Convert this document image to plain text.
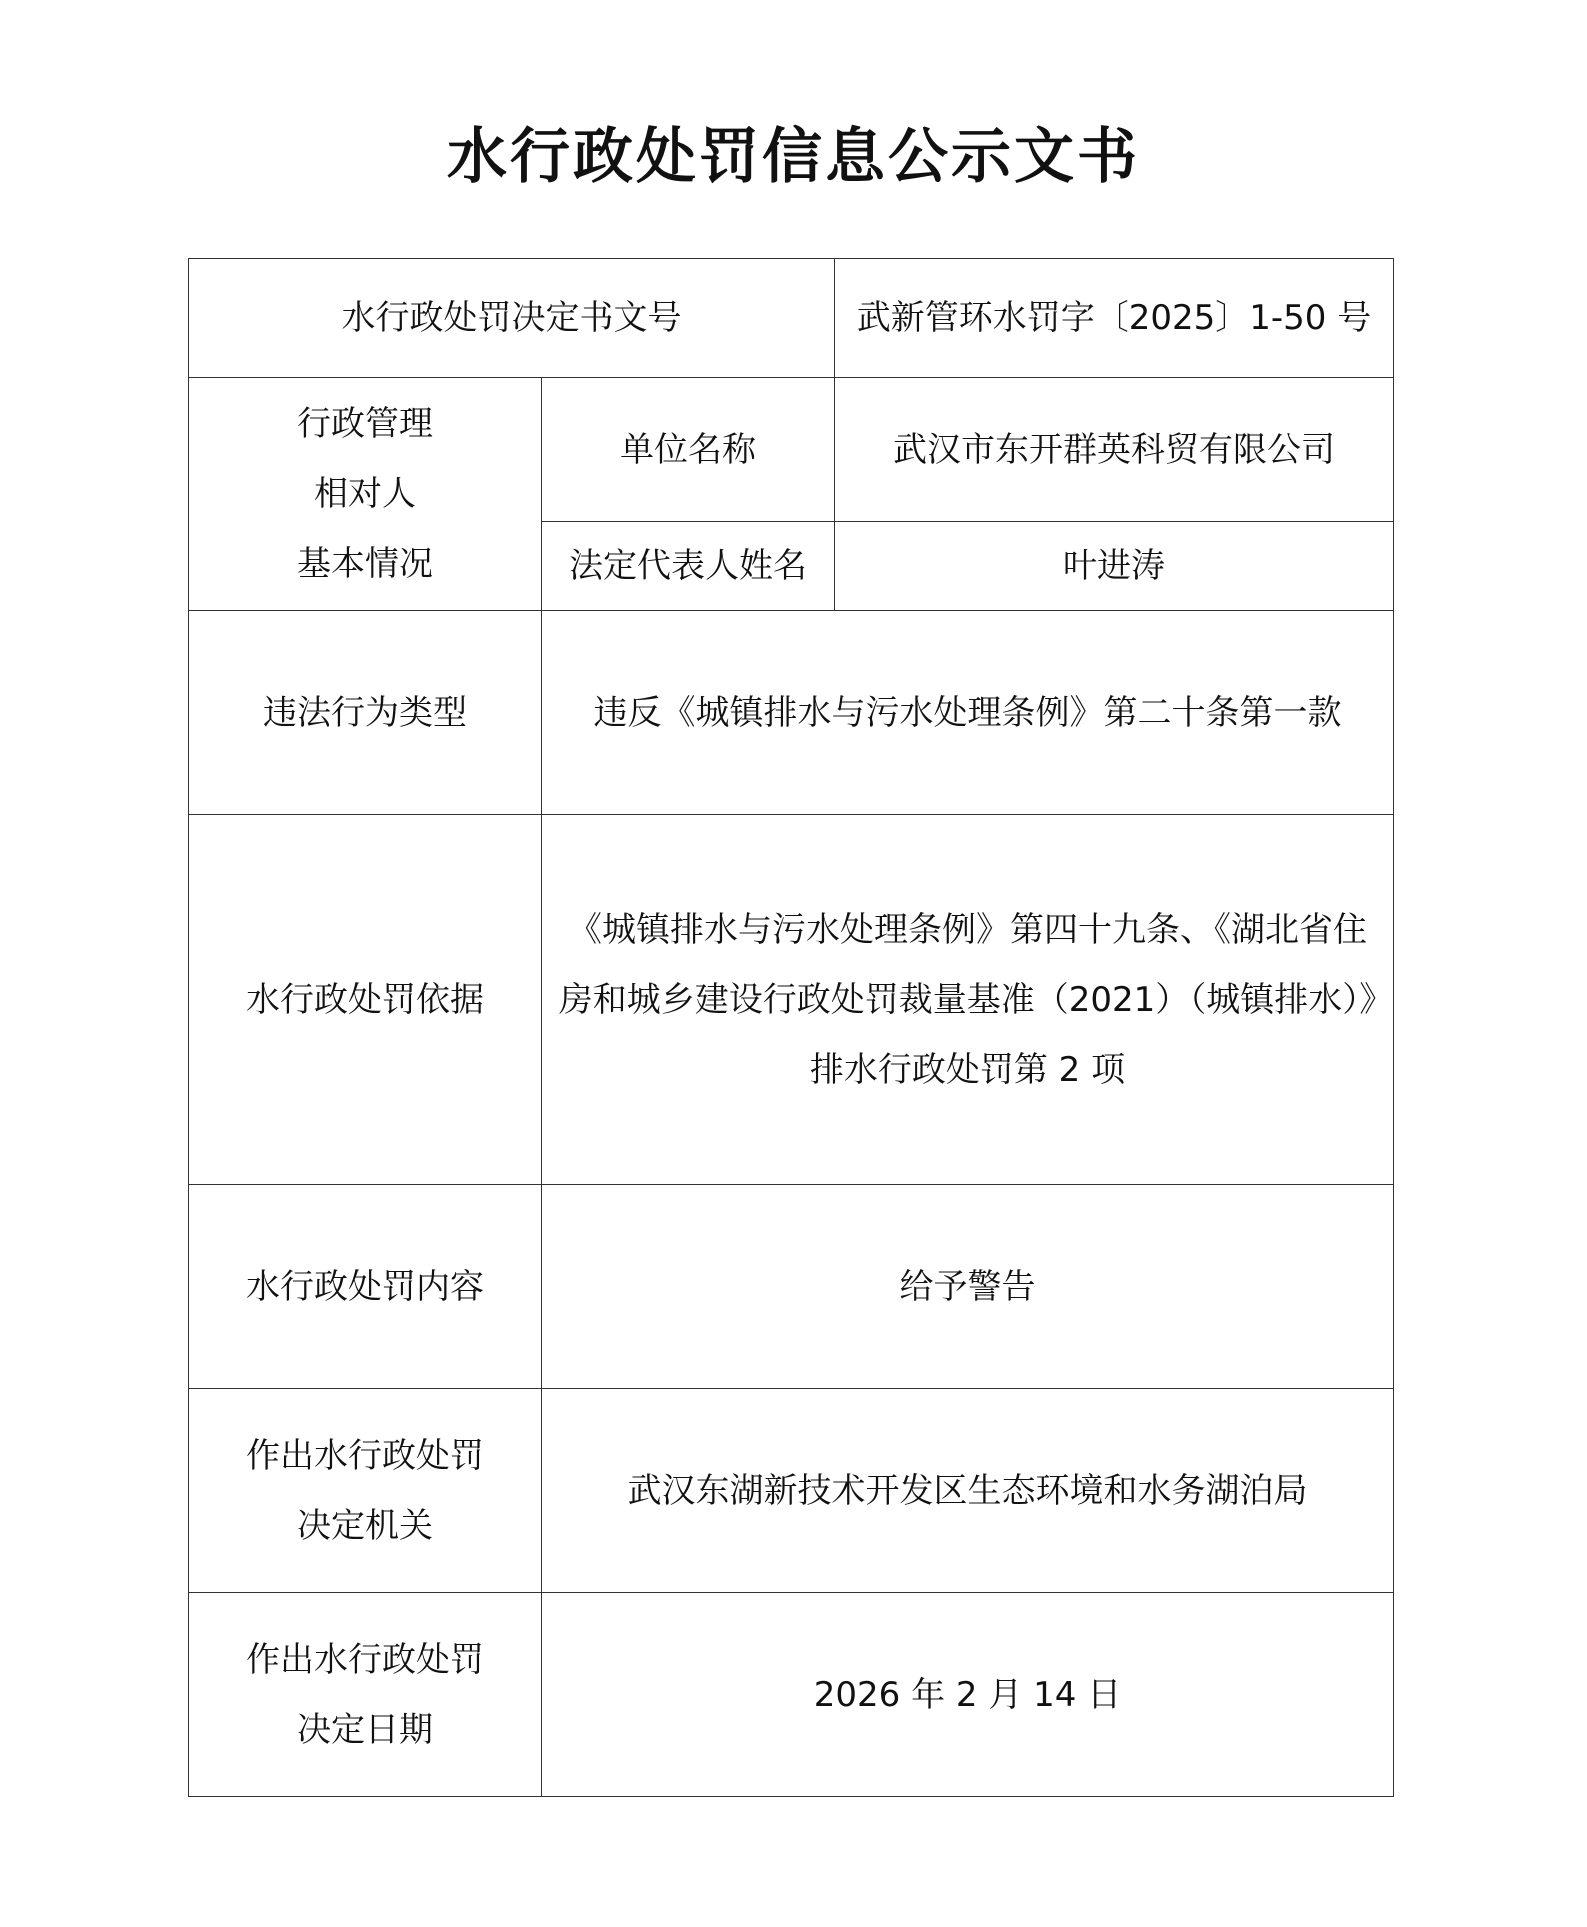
水行政处罚信息公示文书
水行政处罚决定书文号		武新管环水罚字〔2025〕1-50 号

行政管理
相对人
基本情况	单位名称	武汉市东开群英科贸有限公司
	法定代表人姓名	叶进涛
违法行为类型	违反《城镇排水与污水处理条例》第二十条第一款	
水行政处罚依据	《城镇排水与污水处理条例》第四十九条、《湖北省住房和城乡建设行政处罚裁量基准（2021）（城镇排水）》排水行政处罚第 2 项	

水行政处罚内容	给予警告	

作出水行政处罚
决定机关	武汉东湖新技术开发区生态环境和水务湖泊局	

作出水行政处罚
决定日期	2026 年 2 月 14 日	
